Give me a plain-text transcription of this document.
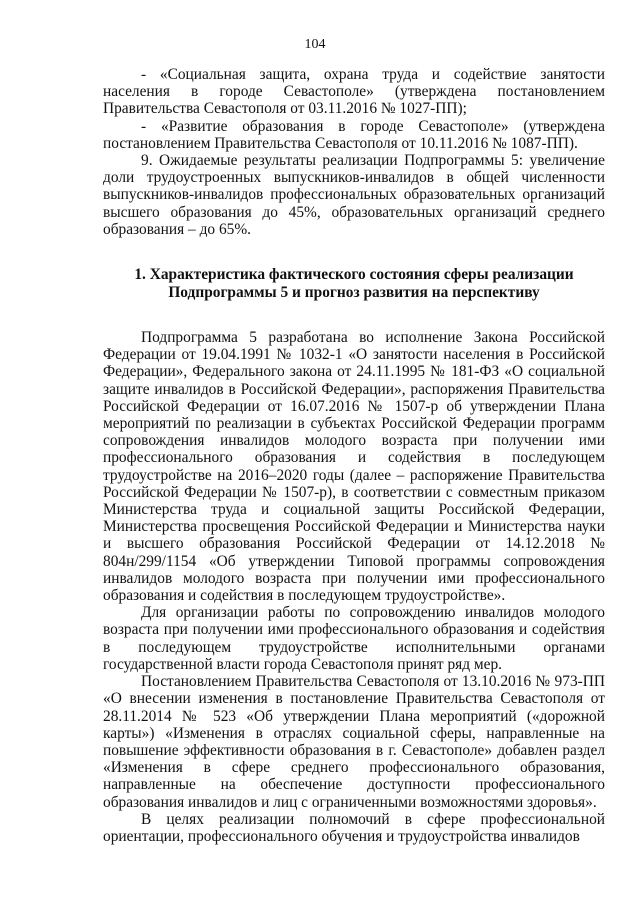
104

- «Социальная защита, охрана труда и содействие занятости населения в городе Севастополе» (утверждена постановлением Правительства Севастополя от 03.11.2016 № 1027-ПП);

- «Развитие образования в городе Севастополе» (утверждена постановлением Правительства Севастополя от 10.11.2016 № 1087-ПП).

9. Ожидаемые результаты реализации Подпрограммы 5: увеличение доли трудоустроенных выпускников-инвалидов в общей численности выпускников-инвалидов профессиональных образовательных организаций высшего образования до 45%, образовательных организаций среднего образования – до 65%.

1. Характеристика фактического состояния сферы реализации
Подпрограммы 5 и прогноз развития на перспективу

Подпрограмма 5 разработана во исполнение Закона Российской Федерации от 19.04.1991 № 1032-1 «О занятости населения в Российской Федерации», Федерального закона от 24.11.1995 № 181-ФЗ «О социальной защите инвалидов в Российской Федерации», распоряжения Правительства Российской Федерации от 16.07.2016 № 1507-р об утверждении Плана мероприятий по реализации в субъектах Российской Федерации программ сопровождения инвалидов молодого возраста при получении ими профессионального образования и содействия в последующем трудоустройстве на 2016–2020 годы (далее – распоряжение Правительства Российской Федерации № 1507-р), в соответствии с совместным приказом Министерства труда и социальной защиты Российской Федерации, Министерства просвещения Российской Федерации и Министерства науки и высшего образования Российской Федерации от 14.12.2018 № 804н/299/1154 «Об утверждении Типовой программы сопровождения инвалидов молодого возраста при получении ими профессионального образования и содействия в последующем трудоустройстве».

Для организации работы по сопровождению инвалидов молодого возраста при получении ими профессионального образования и содействия в последующем трудоустройстве исполнительными органами государственной власти города Севастополя принят ряд мер.

Постановлением Правительства Севастополя от 13.10.2016 № 973-ПП «О внесении изменения в постановление Правительства Севастополя от 28.11.2014 № 523 «Об утверждении Плана мероприятий («дорожной карты») «Изменения в отраслях социальной сферы, направленные на повышение эффективности образования в г. Севастополе» добавлен раздел «Изменения в сфере среднего профессионального образования, направленные на обеспечение доступности профессионального образования инвалидов и лиц с ограниченными возможностями здоровья».

В целях реализации полномочий в сфере профессиональной ориентации, профессионального обучения и трудоустройства инвалидов
